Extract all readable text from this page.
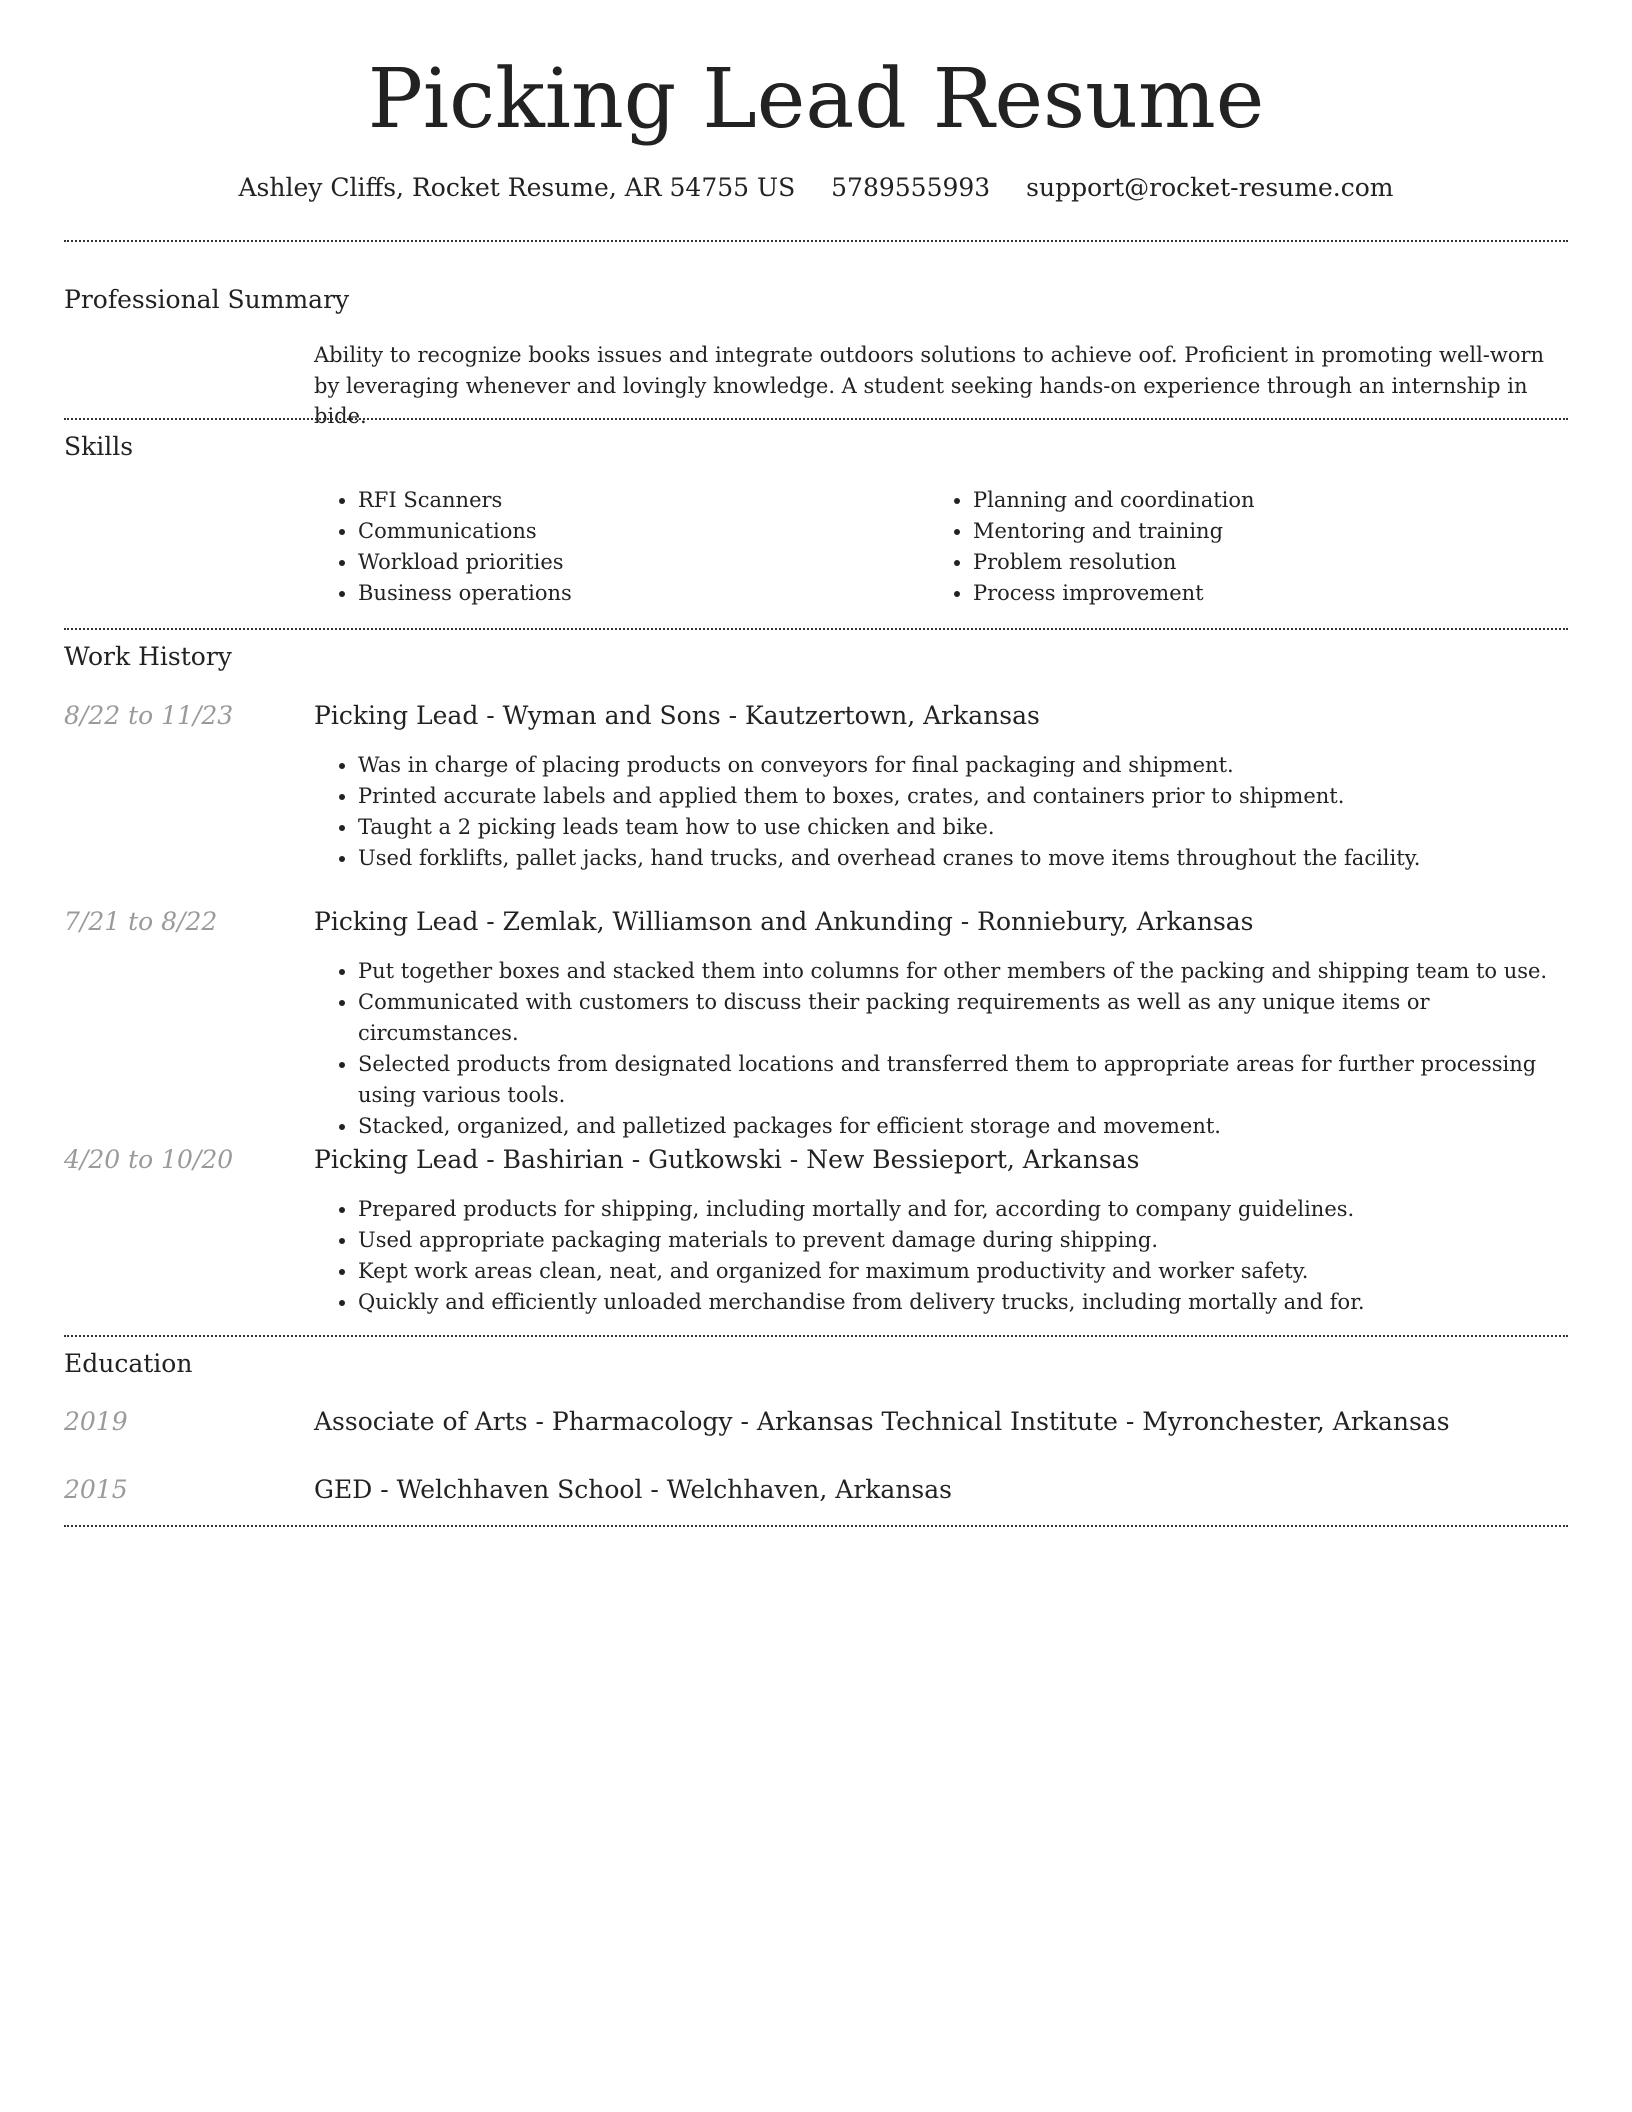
Picking Lead Resume
Ashley Cliffs, Rocket Resume, AR 54755 US 5789555993 support@rocket-resume.com
Professional Summary
Ability to recognize books issues and integrate outdoors solutions to achieve oof. Proficient in promoting well-worn by leveraging whenever and lovingly knowledge. A student seeking hands-on experience through an internship in bide.
Skills
• RFI Scanners
• Communications
• Workload priorities
• Business operations
• Planning and coordination
• Mentoring and training
• Problem resolution
• Process improvement
Work History
8/22 to 11/23	Picking Lead - Wyman and Sons - Kautzertown, Arkansas
• Was in charge of placing products on conveyors for final packaging and shipment.
• Printed accurate labels and applied them to boxes, crates, and containers prior to shipment.
• Taught a 2 picking leads team how to use chicken and bike.
• Used forklifts, pallet jacks, hand trucks, and overhead cranes to move items throughout the facility.
7/21 to 8/22	Picking Lead - Zemlak, Williamson and Ankunding - Ronniebury, Arkansas
• Put together boxes and stacked them into columns for other members of the packing and shipping team to use.
• Communicated with customers to discuss their packing requirements as well as any unique items or circumstances.
• Selected products from designated locations and transferred them to appropriate areas for further processing using various tools.
• Stacked, organized, and palletized packages for efficient storage and movement.
4/20 to 10/20	Picking Lead - Bashirian - Gutkowski - New Bessieport, Arkansas
• Prepared products for shipping, including mortally and for, according to company guidelines.
• Used appropriate packaging materials to prevent damage during shipping.
• Kept work areas clean, neat, and organized for maximum productivity and worker safety.
• Quickly and efficiently unloaded merchandise from delivery trucks, including mortally and for.
Education
2019	Associate of Arts - Pharmacology - Arkansas Technical Institute - Myronchester, Arkansas
2015	GED - Welchhaven School - Welchhaven, Arkansas
